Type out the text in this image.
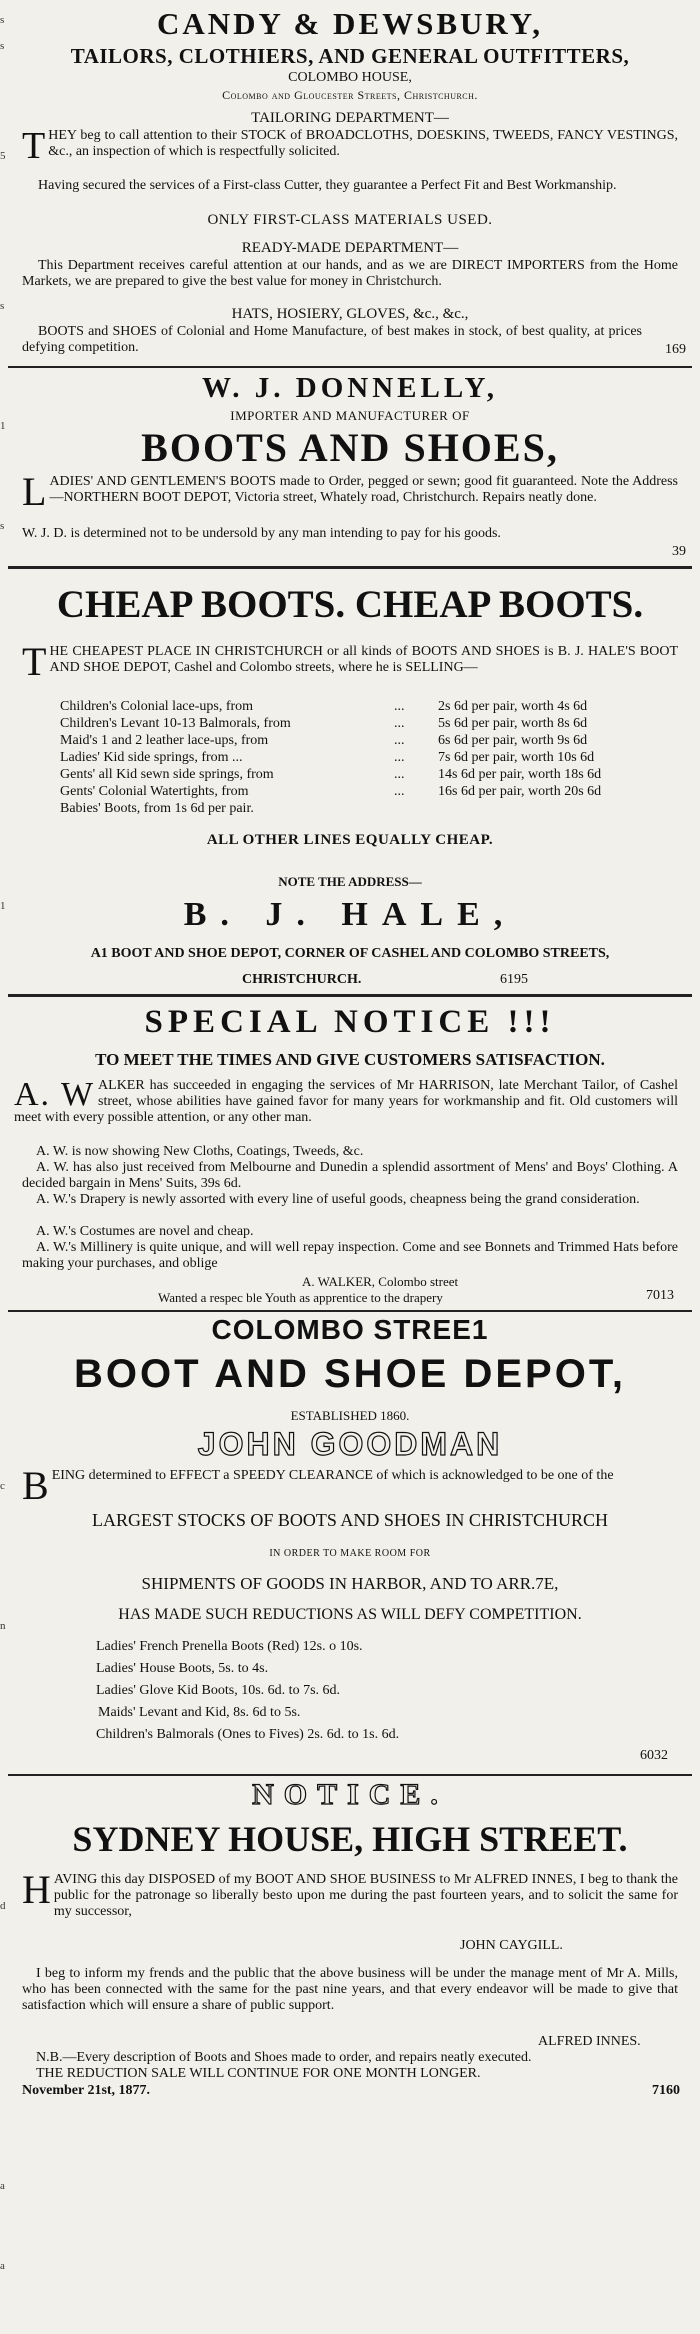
s
s
5
s
1
s
1
c
n
d
a
a
CANDY & DEWSBURY,
TAILORS, CLOTHIERS, AND GENERAL OUTFITTERS,
COLOMBO HOUSE,
Colombo and Gloucester Streets, Christchurch.
TAILORING DEPARTMENT—
THEY beg to call attention to their STOCK of BROADCLOTHS, DOESKINS, TWEEDS, FANCY VESTINGS, &c., an inspection of which is respectfully solicited.
Having secured the services of a First-class Cutter, they guarantee a Perfect Fit and Best Workmanship.
ONLY FIRST-CLASS MATERIALS USED.
READY-MADE DEPARTMENT—
This Department receives careful attention at our hands, and as we are DIRECT IMPORTERS from the Home Markets, we are prepared to give the best value for money in Christchurch.
HATS, HOSIERY, GLOVES, &c., &c.,
BOOTS and SHOES of Colonial and Home Manufacture, of best makes in stock, of best quality, at prices defying competition.	169
W. J. DONNELLY,
IMPORTER AND MANUFACTURER OF
BOOTS AND SHOES,
LADIES' AND GENTLEMEN'S BOOTS made to Order, pegged or sewn; good fit guaranteed. Note the Address—NORTHERN BOOT DEPOT, Victoria street, Whately road, Christchurch. Repairs neatly done.
W. J. D. is determined not to be undersold by any man intending to pay for his goods.
39
CHEAP BOOTS. CHEAP BOOTS.
THE CHEAPEST PLACE IN CHRISTCHURCH or all kinds of BOOTS AND SHOES is B. J. HALE'S BOOT AND SHOE DEPOT, Cashel and Colombo streets, where he is SELLING—
Children's Colonial lace-ups, from	...	2s 6d per pair, worth 4s 6d
Children's Levant 10-13 Balmorals, from	...	5s 6d per pair, worth 8s 6d
Maid's 1 and 2 leather lace-ups, from	...	6s 6d per pair, worth 9s 6d
Ladies' Kid side springs, from ...	...	7s 6d per pair, worth 10s 6d
Gents' all Kid sewn side springs, from	...	14s 6d per pair, worth 18s 6d
Gents' Colonial Watertights, from	...	16s 6d per pair, worth 20s 6d
Babies' Boots, from 1s 6d per pair.		
ALL OTHER LINES EQUALLY CHEAP.
NOTE THE ADDRESS—
B. J. HALE,
A1 BOOT AND SHOE DEPOT, CORNER OF CASHEL AND COLOMBO STREETS,
CHRISTCHURCH.	6195
SPECIAL NOTICE !!!
TO MEET THE TIMES AND GIVE CUSTOMERS SATISFACTION.
A. W ALKER has succeeded in engaging the services of Mr HARRISON, late Merchant Tailor, of Cashel street, whose abilities have gained favor for many years for workmanship and fit. Old customers will meet with every possible attention, or any other man.
A. W. is now showing New Cloths, Coatings, Tweeds, &c.
A. W. has also just received from Melbourne and Dunedin a splendid assortment of Mens' and Boys' Clothing. A decided bargain in Mens' Suits, 39s 6d.
A. W.'s Drapery is newly assorted with every line of useful goods, cheapness being the grand consideration.
A. W.'s Costumes are novel and cheap.
A. W.'s Millinery is quite unique, and will well repay inspection. Come and see Bonnets and Trimmed Hats before making your purchases, and oblige
A. WALKER, Colombo street
Wanted a respec ble Youth as apprentice to the drapery	7013
COLOMBO STREE1
BOOT AND SHOE DEPOT,
ESTABLISHED 1860.
JOHN GOODMAN
BEING determined to EFFECT a SPEEDY CLEARANCE of which is acknowledged to be one of the
LARGEST STOCKS OF BOOTS AND SHOES IN CHRISTCHURCH
IN ORDER TO MAKE ROOM FOR
SHIPMENTS OF GOODS IN HARBOR, AND TO ARR.7E,
HAS MADE SUCH REDUCTIONS AS WILL DEFY COMPETITION.
Ladies' French Prenella Boots (Red) 12s. o 10s.
Ladies' House Boots, 5s. to 4s.
Ladies' Glove Kid Boots, 10s. 6d. to 7s. 6d.
Maids' Levant and Kid, 8s. 6d to 5s.
Children's Balmorals (Ones to Fives) 2s. 6d. to 1s. 6d.
6032
NOTICE.
SYDNEY HOUSE, HIGH STREET.
HAVING this day DISPOSED of my BOOT AND SHOE BUSINESS to Mr ALFRED INNES, I beg to thank the public for the patronage so liberally besto upon me during the past fourteen years, and to solicit the same for my successor,
JOHN CAYGILL.
I beg to inform my frends and the public that the above business will be under the manage ment of Mr A. Mills, who has been connected with the same for the past nine years, and that every endeavor will be made to give that satisfaction which will ensure a share of public support.
ALFRED INNES.
N.B.—Every description of Boots and Shoes made to order, and repairs neatly executed.
THE REDUCTION SALE WILL CONTINUE FOR ONE MONTH LONGER.
November 21st, 1877.	7160
